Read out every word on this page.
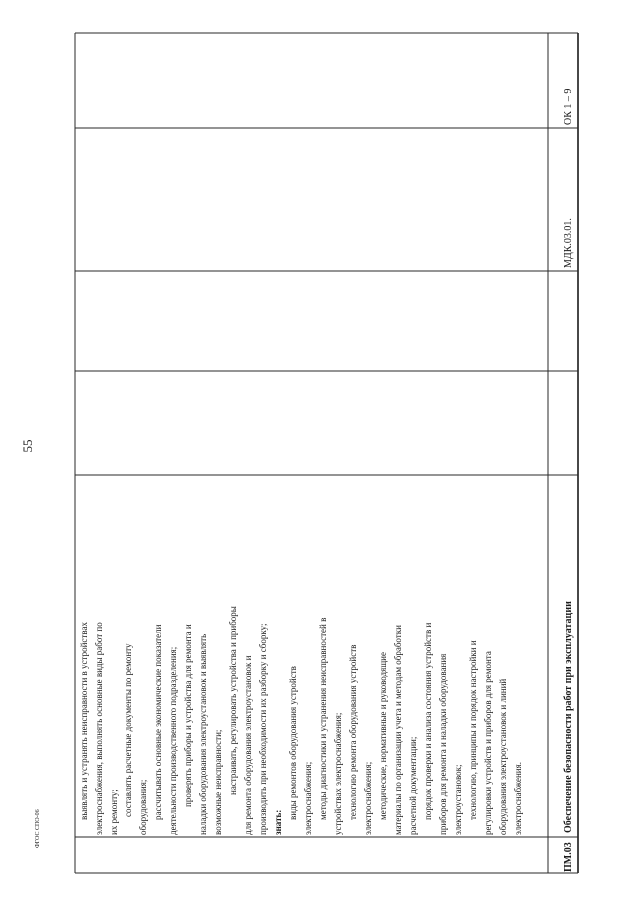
55
ФГОС СПО-06
выявлять и устранять неисправности в устройствах электроснабжения, выполнять основные виды работ по их ремонту; составлять расчетные документы по ремонту оборудования; рассчитывать основные экономические показатели деятельности производственного подразделения; проверять приборы и устройства для ремонта и наладки оборудования электроустановок и выявлять возможные неисправности; настраивать, регулировать устройства и приборы для ремонта оборудования электроустановок и производить при необходимости их разборку и сборку; знать:
виды ремонтов оборудования устройств электроснабжения; методы диагностики и устранения неисправностей в устройствах электроснабжения; технологию ремонта оборудования устройств электроснабжения; методические, нормативные и руководящие материалы по организации учета и методам обработки расчетной документации; порядок проверки и анализа состояния устройств и приборов для ремонта и наладки оборудования электроустановок; технологию, принципы и порядок настройки и регулировки устройств и приборов для ремонта оборудования электроустановок и линий электроснабжения.
ПМ.03
Обеспечение безопасности работ при эксплуатации
МДК.03.01.
ОК 1 – 9
